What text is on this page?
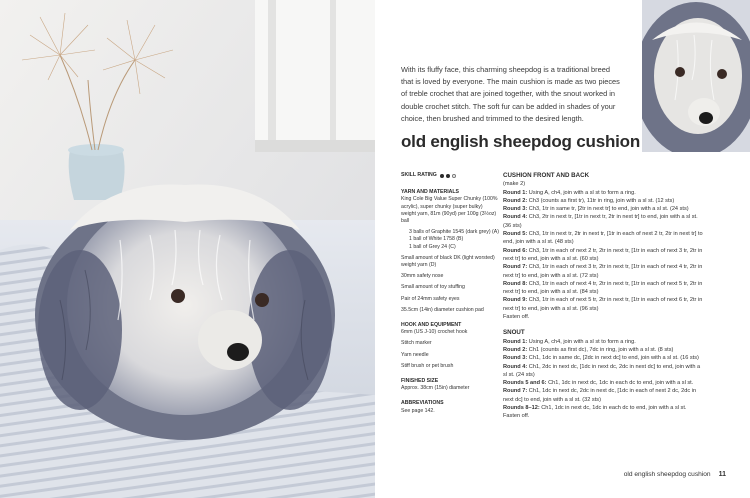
With its fluffy face, this charming sheepdog is a traditional breed that is loved by everyone. The main cushion is made as two pieces of treble crochet that are joined together, with the snout worked in double crochet stitch. The soft fur can be added in shades of your choice, then brushed and trimmed to the desired length.
old english sheepdog cushion
SKILL RATING
YARN AND MATERIALS
King Cole Big Value Super Chunky (100% acrylic), super chunky (super bulky) weight yarn, 81m (90yd) per 100g (3½oz) ball
3 balls of Graphite 1545 (dark grey) (A)
1 ball of White 1758 (B)
1 ball of Grey 24 (C)
Small amount of black DK (light worsted) weight yarn (D)
30mm safety nose
Small amount of toy stuffing
Pair of 24mm safety eyes
35.5cm (14in) diameter cushion pad
HOOK AND EQUIPMENT
6mm (US J-10) crochet hook
Stitch marker
Yarn needle
Stiff brush or pet brush
FINISHED SIZE
Approx. 38cm (15in) diameter
ABBREVIATIONS
See page 142.
CUSHION FRONT AND BACK
(make 2)
Round 1: Using A, ch4, join with a sl st to form a ring.
Round 2: Ch3 (counts as first tr), 11tr in ring, join with a sl st. (12 sts)
Round 3: Ch3, 1tr in same tr, [2tr in next tr] to end, join with a sl st. (24 sts)
Round 4: Ch3, 2tr in next tr, [1tr in next tr, 2tr in next tr] to end, join with a sl st. (36 sts)
Round 5: Ch3, 1tr in next tr, 2tr in next tr, [1tr in each of next 2 tr, 2tr in next tr] to end, join with a sl st. (48 sts)
Round 6: Ch3, 1tr in each of next 2 tr, 2tr in next tr, [1tr in each of next 3 tr, 2tr in next tr] to end, join with a sl st. (60 sts)
Round 7: Ch3, 1tr in each of next 3 tr, 2tr in next tr, [1tr in each of next 4 tr, 2tr in next tr] to end, join with a sl st. (72 sts)
Round 8: Ch3, 1tr in each of next 4 tr, 2tr in next tr, [1tr in each of next 5 tr, 2tr in next tr] to end, join with a sl st. (84 sts)
Round 9: Ch3, 1tr in each of next 5 tr, 2tr in next tr, [1tr in each of next 6 tr, 2tr in next tr] to end, join with a sl st. (96 sts)
Fasten off.
SNOUT
Round 1: Using A, ch4, join with a sl st to form a ring.
Round 2: Ch1 (counts as first dc), 7dc in ring, join with a sl st. (8 sts)
Round 3: Ch1, 1dc in same dc, [2dc in next dc] to end, join with a sl st. (16 sts)
Round 4: Ch1, 2dc in next dc, [1dc in next dc, 2dc in next dc] to end, join with a sl st. (24 sts)
Rounds 5 and 6: Ch1, 1dc in next dc, 1dc in each dc to end, join with a sl st.
Round 7: Ch1, 1dc in next dc, 2dc in next dc, [1dc in each of next 2 dc, 2dc in next dc] to end, join with a sl st. (32 sts)
Rounds 8–12: Ch1, 1dc in next dc, 1dc in each dc to end, join with a sl st.
Fasten off.
old english sheepdog cushion 11
